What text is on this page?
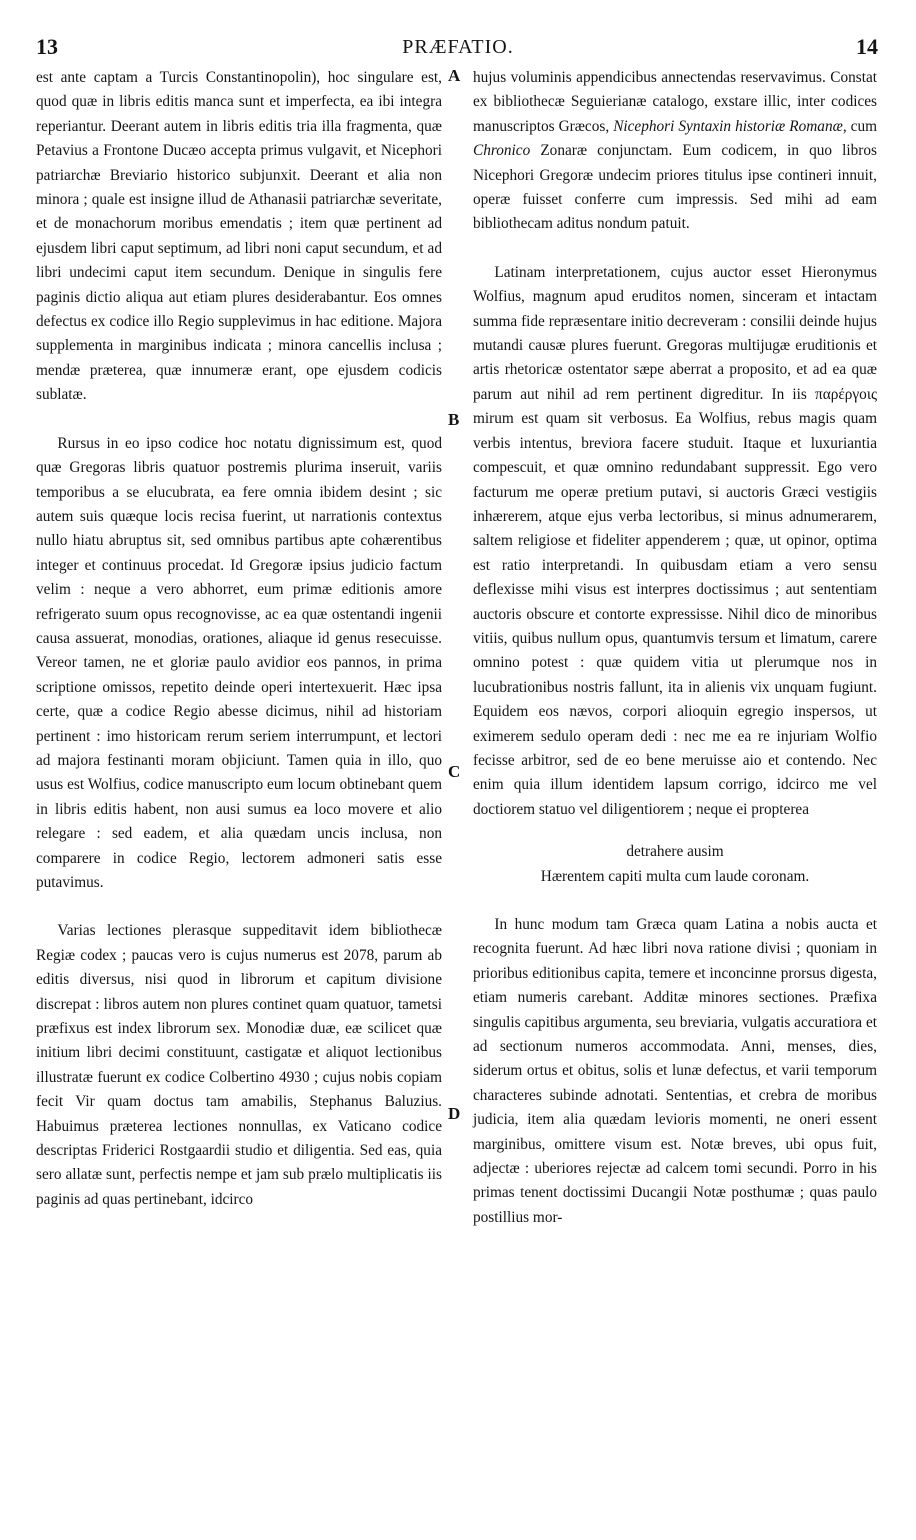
13	PRÆFATIO.	14
A
B
C
D

est ante captam a Turcis Constantinopolin), hoc singulare est, quod quæ in libris editis manca sunt et imperfecta, ea ibi integra reperiantur. Deerant autem in libris editis tria illa fragmenta, quæ Petavius a Frontone Ducæo accepta primus vulgavit, et Nicephori patriarchæ Breviario historico subjunxit. Deerant et alia non minora ; quale est insigne illud de Athanasii patriarchæ severitate, et de monachorum moribus emendatis ; item quæ pertinent ad ejusdem libri caput septimum, ad libri noni caput secundum, et ad libri undecimi caput item secundum. Denique in singulis fere paginis dictio aliqua aut etiam plures desiderabantur. Eos omnes defectus ex codice illo Regio supplevimus in hac editione. Majora supplementa in marginibus indicata ; minora cancellis inclusa ; mendæ præterea, quæ innumeræ erant, ope ejusdem codicis sublatæ.

Rursus in eo ipso codice hoc notatu dignissimum est, quod quæ Gregoras libris quatuor postremis plurima inseruit, variis temporibus a se elucubrata, ea fere omnia ibidem desint ; sic autem suis quæque locis recisa fuerint, ut narrationis contextus nullo hiatu abruptus sit, sed omnibus partibus apte cohærentibus integer et continuus procedat. Id Gregoræ ipsius judicio factum velim : neque a vero abhorret, eum primæ editionis amore refrigerato suum opus recognovisse, ac ea quæ ostentandi ingenii causa assuerat, monodias, orationes, aliaque id genus resecuisse. Vereor tamen, ne et gloriæ paulo avidior eos pannos, in prima scriptione omissos, repetito deinde operi intertexuerit. Hæc ipsa certe, quæ a codice Regio abesse dicimus, nihil ad historiam pertinent : imo historicam rerum seriem interrumpunt, et lectori ad majora festinanti moram objiciunt. Tamen quia in illo, quo usus est Wolfius, codice manuscripto eum locum obtinebant quem in libris editis habent, non ausi sumus ea loco movere et alio relegare : sed eadem, et alia quædam uncis inclusa, non comparere in codice Regio, lectorem admoneri satis esse putavimus.

Varias lectiones plerasque suppeditavit idem bibliothecæ Regiæ codex ; paucas vero is cujus numerus est 2078, parum ab editis diversus, nisi quod in librorum et capitum divisione discrepat : libros autem non plures continet quam quatuor, tametsi præfixus est index librorum sex. Monodiæ duæ, eæ scilicet quæ initium libri decimi constituunt, castigatæ et aliquot lectionibus illustratæ fuerunt ex codice Colbertino 4930 ; cujus nobis copiam fecit Vir quam doctus tam amabilis, Stephanus Baluzius. Habuimus præterea lectiones nonnullas, ex Vaticano codice descriptas Friderici Rostgaardii studio et diligentia. Sed eas, quia sero allatæ sunt, perfectis nempe et jam sub prælo multiplicatis iis paginis ad quas pertinebant, idcirco

hujus voluminis appendicibus annectendas reservavimus. Constat ex bibliothecæ Seguierianæ catalogo, exstare illic, inter codices manuscriptos Græcos, Nicephori Syntaxin historiæ Romanæ, cum Chronico Zonaræ conjunctam. Eum codicem, in quo libros Nicephori Gregoræ undecim priores titulus ipse contineri innuit, operæ fuisset conferre cum impressis. Sed mihi ad eam bibliothecam aditus nondum patuit.

Latinam interpretationem, cujus auctor esset Hieronymus Wolfius, magnum apud eruditos nomen, sinceram et intactam summa fide repræsentare initio decreveram : consilii deinde hujus mutandi causæ plures fuerunt. Gregoras multijugæ eruditionis et artis rhetoricæ ostentator sæpe aberrat a proposito, et ad ea quæ parum aut nihil ad rem pertinent digreditur. In iis παρέργοις mirum est quam sit verbosus. Ea Wolfius, rebus magis quam verbis intentus, breviora facere studuit. Itaque et luxuriantia compescuit, et quæ omnino redundabant suppressit. Ego vero facturum me operæ pretium putavi, si auctoris Græci vestigiis inhærerem, atque ejus verba lectoribus, si minus adnumerarem, saltem religiose et fideliter appenderem ; quæ, ut opinor, optima est ratio interpretandi. In quibusdam etiam a vero sensu deflexisse mihi visus est interpres doctissimus ; aut sententiam auctoris obscure et contorte expressisse. Nihil dico de minoribus vitiis, quibus nullum opus, quantumvis tersum et limatum, carere omnino potest : quæ quidem vitia ut plerumque nos in lucubrationibus nostris fallunt, ita in alienis vix unquam fugiunt. Equidem eos nævos, corpori alioquin egregio inspersos, ut eximerem sedulo operam dedi : nec me ea re injuriam Wolfio fecisse arbitror, sed de eo bene meruisse aio et contendo. Nec enim quia illum identidem lapsum corrigo, idcirco me vel doctiorem statuo vel diligentiorem ; neque ei propterea

detrahere ausim
Hærentem capiti multa cum laude coronam.

In hunc modum tam Græca quam Latina a nobis aucta et recognita fuerunt. Ad hæc libri nova ratione divisi ; quoniam in prioribus editionibus capita, temere et inconcinne prorsus digesta, etiam numeris carebant. Additæ minores sectiones. Præfixa singulis capitibus argumenta, seu breviaria, vulgatis accuratiora et ad sectionum numeros accommodata. Anni, menses, dies, siderum ortus et obitus, solis et lunæ defectus, et varii temporum characteres subinde adnotati. Sententias, et crebra de moribus judicia, item alia quædam levioris momenti, ne oneri essent marginibus, omittere visum est. Notæ breves, ubi opus fuit, adjectæ : uberiores rejectæ ad calcem tomi secundi. Porro in his primas tenent doctissimi Ducangii Notæ posthumæ ; quas paulo postillius mor-
